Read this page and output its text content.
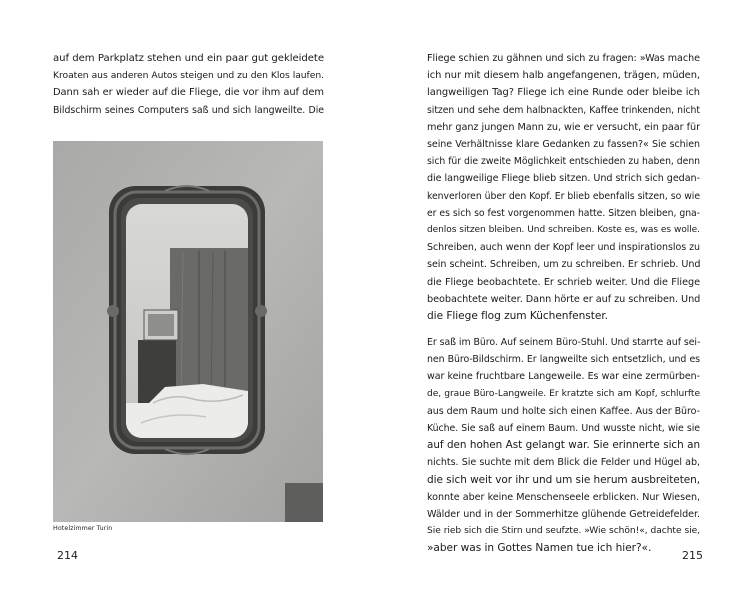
auf dem Parkplatz stehen und ein paar gut gekleidete
Kroaten aus anderen Autos steigen und zu den Klos laufen.
Dann sah er wieder auf die Fliege, die vor ihm auf dem
Bildschirm seines Computers saß und sich langweilte. Die
Hotelzimmer Turin
214
Fliege schien zu gähnen und sich zu fragen: »Was mache
ich nur mit diesem halb angefangenen, trägen, müden,
langweiligen Tag? Fliege ich eine Runde oder bleibe ich
sitzen und sehe dem halbnackten, Kaffee trinkenden, nicht
mehr ganz jungen Mann zu, wie er versucht, ein paar für
seine Verhältnisse klare Gedanken zu fassen?« Sie schien
sich für die zweite Möglichkeit entschieden zu haben, denn
die langweilige Fliege blieb sitzen. Und strich sich gedan-
kenverloren über den Kopf. Er blieb ebenfalls sitzen, so wie
er es sich so fest vorgenommen hatte. Sitzen bleiben, gna-
denlos sitzen bleiben. Und schreiben. Koste es, was es wolle.
Schreiben, auch wenn der Kopf leer und inspirationslos zu
sein scheint. Schreiben, um zu schreiben. Er schrieb. Und
die Fliege beobachtete. Er schrieb weiter. Und die Fliege
beobachtete weiter. Dann hörte er auf zu schreiben. Und
die Fliege flog zum Küchenfenster.
Er saß im Büro. Auf seinem Büro-Stuhl. Und starrte auf sei-
nen Büro-Bildschirm. Er langweilte sich entsetzlich, und es
war keine fruchtbare Langeweile. Es war eine zermürben-
de, graue Büro-Langweile. Er kratzte sich am Kopf, schlurfte
aus dem Raum und holte sich einen Kaffee. Aus der Büro-
Küche. Sie saß auf einem Baum. Und wusste nicht, wie sie
auf den hohen Ast gelangt war. Sie erinnerte sich an
nichts. Sie suchte mit dem Blick die Felder und Hügel ab,
die sich weit vor ihr und um sie herum ausbreiteten,
konnte aber keine Menschenseele erblicken. Nur Wiesen,
Wälder und in der Sommerhitze glühende Getreidefelder.
Sie rieb sich die Stirn und seufzte. »Wie schön!«, dachte sie,
»aber was in Gottes Namen tue ich hier?«.
215
